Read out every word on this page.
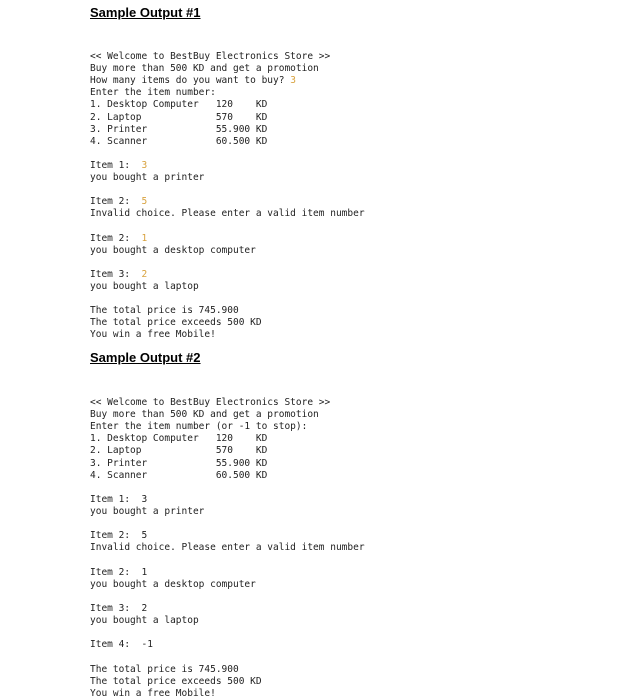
Sample Output #1

<< Welcome to BestBuy Electronics Store >>
Buy more than 500 KD and get a promotion
How many items do you want to buy? 3
Enter the item number:
1. Desktop Computer   120    KD
2. Laptop             570    KD
3. Printer            55.900 KD
4. Scanner            60.500 KD

Item 1:  3
you bought a printer

Item 2:  5
Invalid choice. Please enter a valid item number

Item 2:  1
you bought a desktop computer

Item 3:  2
you bought a laptop

The total price is 745.900
The total price exceeds 500 KD
You win a free Mobile!
Sample Output #2

<< Welcome to BestBuy Electronics Store >>
Buy more than 500 KD and get a promotion
Enter the item number (or -1 to stop):
1. Desktop Computer   120    KD
2. Laptop             570    KD
3. Printer            55.900 KD
4. Scanner            60.500 KD

Item 1:  3
you bought a printer

Item 2:  5
Invalid choice. Please enter a valid item number

Item 2:  1
you bought a desktop computer

Item 3:  2
you bought a laptop

Item 4:  -1

The total price is 745.900
The total price exceeds 500 KD
You win a free Mobile!
